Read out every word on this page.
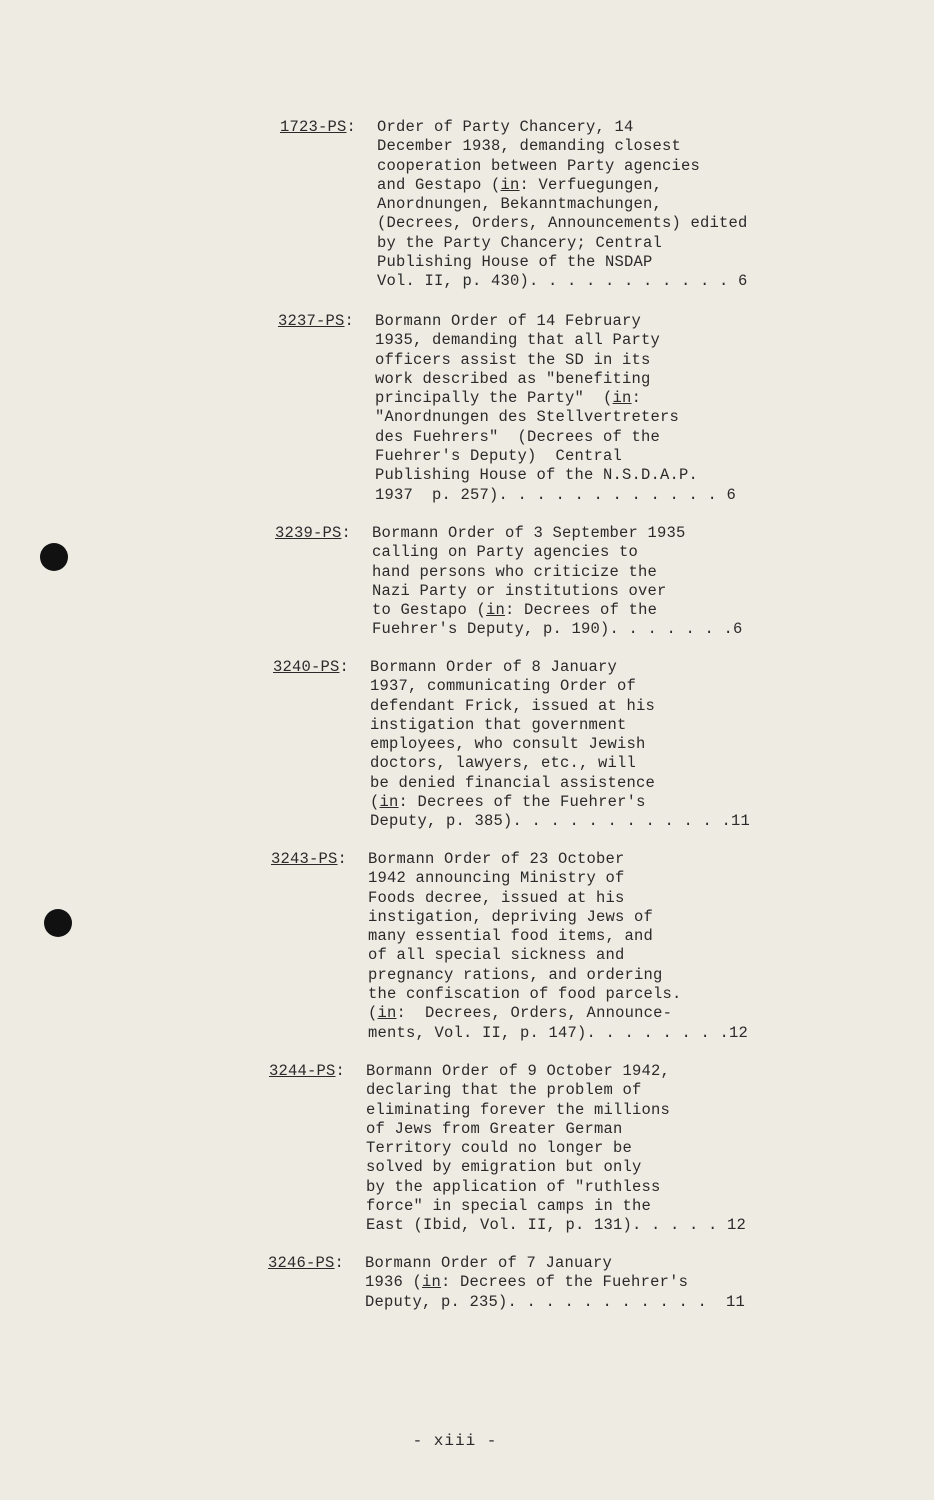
1723-PS: Order of Party Chancery, 14
December 1938, demanding closest
cooperation between Party agencies
and Gestapo (in: Verfuegungen,
Anordnungen, Bekanntmachungen,
(Decrees, Orders, Announcements) edited
by the Party Chancery; Central
Publishing House of the NSDAP
Vol. II, p. 430). . . . . . . . . . . 6
3237-PS: Bormann Order of 14 February
1935, demanding that all Party
officers assist the SD in its
work described as "benefiting
principally the Party"  (in:
"Anordnungen des Stellvertreters
des Fuehrers"  (Decrees of the
Fuehrer's Deputy)  Central
Publishing House of the N.S.D.A.P.
1937  p. 257). . . . . . . . . . . . 6
3239-PS: Bormann Order of 3 September 1935
calling on Party agencies to
hand persons who criticize the
Nazi Party or institutions over
to Gestapo (in: Decrees of the
Fuehrer's Deputy, p. 190). . . . . . .6
3240-PS: Bormann Order of 8 January
1937, communicating Order of
defendant Frick, issued at his
instigation that government
employees, who consult Jewish
doctors, lawyers, etc., will
be denied financial assistence
(in: Decrees of the Fuehrer's
Deputy, p. 385). . . . . . . . . . . .11
3243-PS: Bormann Order of 23 October
1942 announcing Ministry of
Foods decree, issued at his
instigation, depriving Jews of
many essential food items, and
of all special sickness and
pregnancy rations, and ordering
the confiscation of food parcels.
(in:  Decrees, Orders, Announce-
ments, Vol. II, p. 147). . . . . . . .12
3244-PS: Bormann Order of 9 October 1942,
declaring that the problem of
eliminating forever the millions
of Jews from Greater German
Territory could no longer be
solved by emigration but only
by the application of "ruthless
force" in special camps in the
East (Ibid, Vol. II, p. 131). . . . . 12
3246-PS: Bormann Order of 7 January
1936 (in: Decrees of the Fuehrer's
Deputy, p. 235). . . . . . . . . . .  11
- xiii -
